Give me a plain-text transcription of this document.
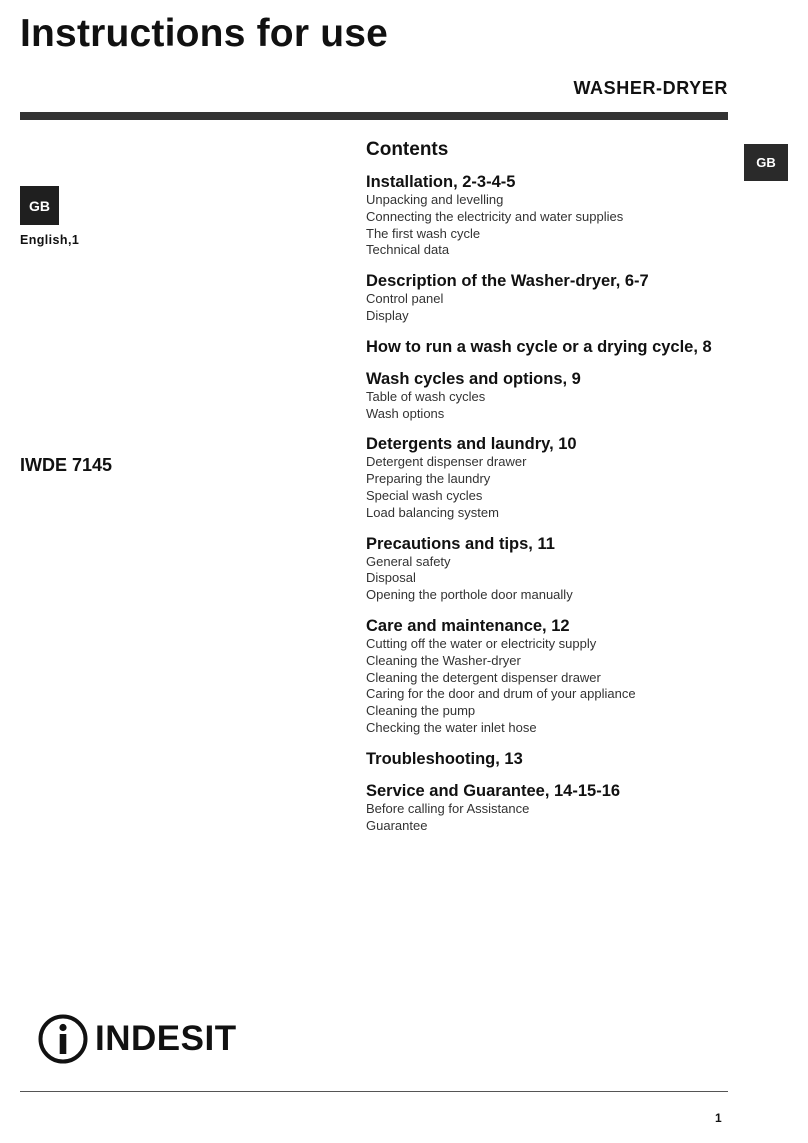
Instructions for use
WASHER-DRYER
GB
English,1
IWDE 7145
GB
Contents
Installation, 2-3-4-5
Unpacking and levelling
Connecting the electricity and water supplies
The first wash cycle
Technical data
Description of the Washer-dryer, 6-7
Control panel
Display
How to run a wash cycle or a drying cycle, 8
Wash cycles and options, 9
Table of wash cycles
Wash options
Detergents and laundry, 10
Detergent dispenser drawer
Preparing the laundry
Special wash cycles
Load balancing system
Precautions and tips, 11
General safety
Disposal
Opening the porthole door manually
Care and maintenance, 12
Cutting off the water or electricity supply
Cleaning the Washer-dryer
Cleaning the detergent dispenser drawer
Caring for the door and drum of your appliance
Cleaning the pump
Checking the water inlet hose
Troubleshooting, 13
Service and Guarantee, 14-15-16
Before calling for Assistance
Guarantee
INDESIT
1
